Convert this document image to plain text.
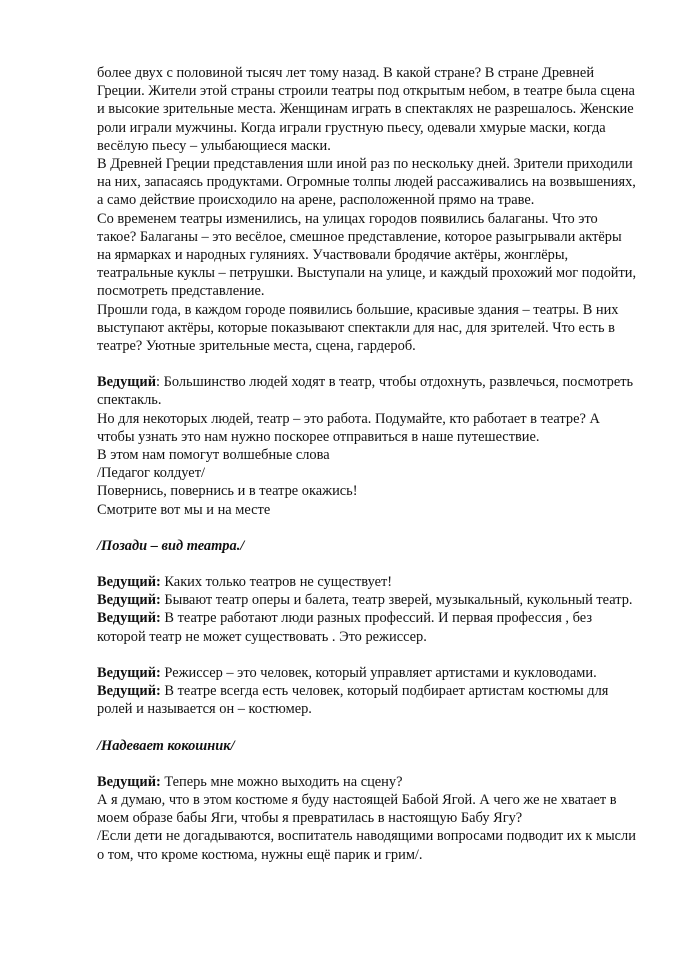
более двух с половиной тысяч лет тому назад. В какой стране? В стране Древней Греции. Жители этой страны строили театры под открытым небом, в театре была сцена и высокие зрительные места. Женщинам играть в спектаклях не разрешалось. Женские роли играли мужчины. Когда играли грустную пьесу, одевали хмурые маски, когда весёлую пьесу – улыбающиеся маски.

В Древней Греции представления шли иной раз по нескольку дней. Зрители приходили на них, запасаясь продуктами. Огромные толпы людей рассаживались на возвышениях, а само действие происходило на арене, расположенной прямо на траве.

Со временем театры изменились, на улицах городов появились балаганы. Что это такое? Балаганы – это весёлое, смешное представление, которое разыгрывали актёры на ярмарках и народных гуляниях. Участвовали бродячие актёры, жонглёры, театральные куклы – петрушки. Выступали на улице, и каждый прохожий мог подойти, посмотреть представление.

Прошли года, в каждом городе появились большие, красивые здания – театры. В них выступают актёры, которые показывают спектакли для нас, для зрителей. Что есть в театре? Уютные зрительные места, сцена, гардероб.

Ведущий: Большинство людей ходят в театр, чтобы отдохнуть, развлечься, посмотреть спектакль.

Но для некоторых людей, театр – это работа. Подумайте, кто работает в театре? А чтобы узнать это нам нужно поскорее отправиться в наше путешествие.

В этом нам помогут волшебные слова

/Педагог колдует/

Повернись, повернись и в театре окажись!

Смотрите вот мы и на месте

/Позади – вид театра./

Ведущий: Каких только театров не существует!

Ведущий: Бывают театр оперы и балета, театр зверей, музыкальный, кукольный театр.

Ведущий: В театре работают люди разных профессий. И первая профессия , без которой театр не может существовать . Это режиссер.

Ведущий: Режиссер – это человек, который управляет артистами и кукловодами.

Ведущий: В театре всегда есть человек, который подбирает артистам костюмы для ролей и называется он – костюмер.

/Надевает кокошник/

Ведущий: Теперь мне можно выходить на сцену?

А я думаю, что в этом костюме я буду настоящей Бабой Ягой. А чего же не хватает в моем образе бабы Яги, чтобы я превратилась в настоящую Бабу Ягу?

/Если дети не догадываются, воспитатель наводящими вопросами подводит их к мысли о том, что кроме костюма, нужны ещё парик и грим/.
